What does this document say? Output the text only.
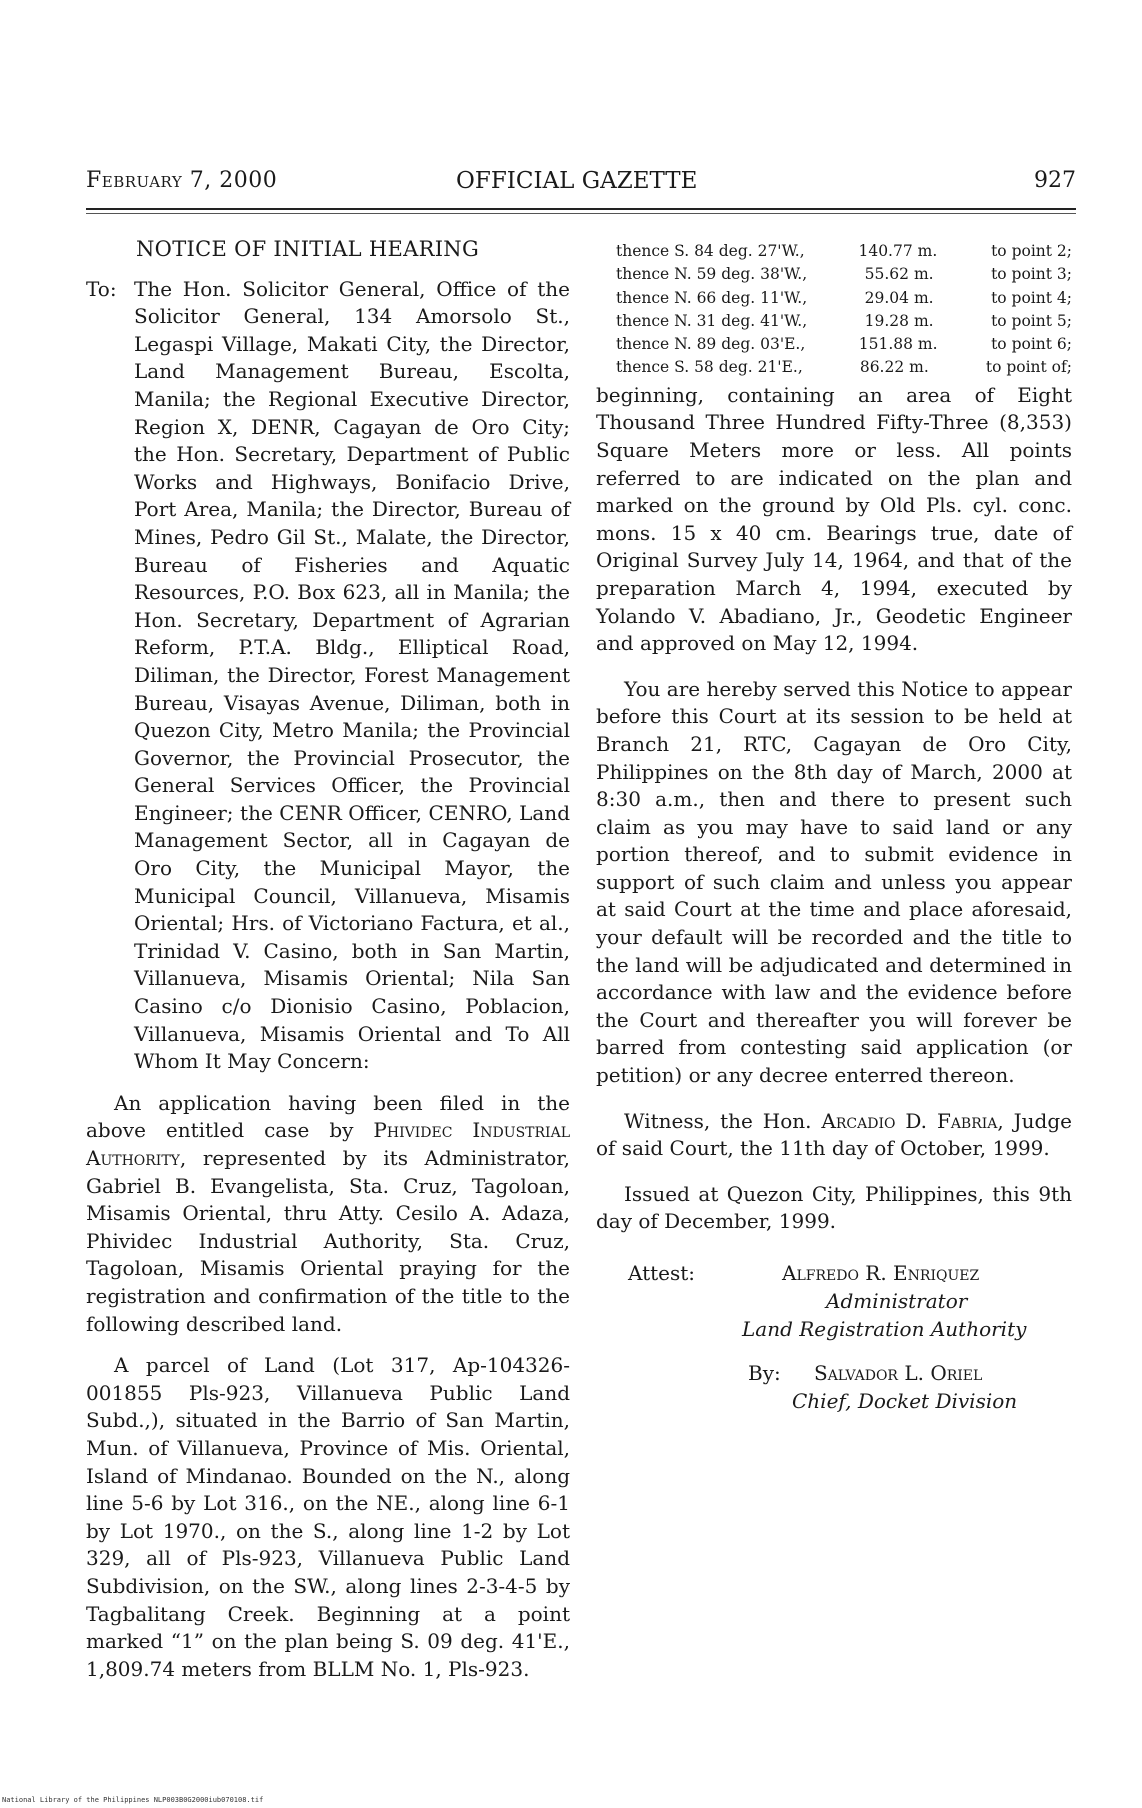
February 7, 2000	OFFICIAL GAZETTE	927
NOTICE OF INITIAL HEARING
To: The Hon. Solicitor General, Office of the Solicitor General, 134 Amorsolo St., Legaspi Village, Makati City, the Director, Land Management Bureau, Escolta, Manila; the Regional Executive Director, Region X, DENR, Cagayan de Oro City; the Hon. Secretary, Department of Public Works and Highways, Bonifacio Drive, Port Area, Manila; the Director, Bureau of Mines, Pedro Gil St., Malate, the Director, Bureau of Fisheries and Aquatic Resources, P.O. Box 623, all in Manila; the Hon. Secretary, Department of Agrarian Reform, P.T.A. Bldg., Elliptical Road, Diliman, the Director, Forest Management Bureau, Visayas Avenue, Diliman, both in Quezon City, Metro Manila; the Provincial Governor, the Provincial Prosecutor, the General Services Officer, the Provincial Engineer; the CENR Officer, CENRO, Land Management Sector, all in Cagayan de Oro City, the Municipal Mayor, the Municipal Council, Villanueva, Misamis Oriental; Hrs. of Victoriano Factura, et al., Trinidad V. Casino, both in San Martin, Villanueva, Misamis Oriental; Nila San Casino c/o Dionisio Casino, Poblacion, Villanueva, Misamis Oriental and To All Whom It May Concern:

An application having been filed in the above entitled case by Phividec Industrial Authority, represented by its Administrator, Gabriel B. Evangelista, Sta. Cruz, Tagoloan, Misamis Oriental, thru Atty. Cesilo A. Adaza, Phividec Industrial Authority, Sta. Cruz, Tagoloan, Misamis Oriental praying for the registration and confirmation of the title to the following described land.

A parcel of Land (Lot 317, Ap-104326-001855 Pls-923, Villanueva Public Land Subd.,), situated in the Barrio of San Martin, Mun. of Villanueva, Province of Mis. Oriental, Island of Mindanao. Bounded on the N., along line 5-6 by Lot 316., on the NE., along line 6-1 by Lot 1970., on the S., along line 1-2 by Lot 329, all of Pls-923, Villanueva Public Land Subdivision, on the SW., along lines 2-3-4-5 by Tagbalitang Creek. Beginning at a point marked “1” on the plan being S. 09 deg. 41'E., 1,809.74 meters from BLLM No. 1, Pls-923.

thence S. 84 deg. 27'W.,	140.77 m.	to point 2;
thence N. 59 deg. 38'W.,	55.62 m.	to point 3;
thence N. 66 deg. 11'W.,	29.04 m.	to point 4;
thence N. 31 deg. 41'W.,	19.28 m.	to point 5;
thence N. 89 deg. 03'E.,	151.88 m.	to point 6;
thence S. 58 deg. 21'E.,	86.22 m.	to point of;

beginning, containing an area of Eight Thousand Three Hundred Fifty-Three (8,353) Square Meters more or less. All points referred to are indicated on the plan and marked on the ground by Old Pls. cyl. conc. mons. 15 x 40 cm. Bearings true, date of Original Survey July 14, 1964, and that of the preparation March 4, 1994, executed by Yolando V. Abadiano, Jr., Geodetic Engineer and approved on May 12, 1994.

You are hereby served this Notice to appear before this Court at its session to be held at Branch 21, RTC, Cagayan de Oro City, Philippines on the 8th day of March, 2000 at 8:30 a.m., then and there to present such claim as you may have to said land or any portion thereof, and to submit evidence in support of such claim and unless you appear at said Court at the time and place aforesaid, your default will be recorded and the title to the land will be adjudicated and determined in accordance with law and the evidence before the Court and thereafter you will forever be barred from contesting said application (or petition) or any decree enterred thereon.

Witness, the Hon. Arcadio D. Fabria, Judge of said Court, the 11th day of October, 1999.

Issued at Quezon City, Philippines, this 9th day of December, 1999.

Attest:	Alfredo R. Enriquez
Administrator
Land Registration Authority
By: Salvador L. Oriel
Chief, Docket Division
National Library of the Philippines NLP003B0G2000iub070108.tif
